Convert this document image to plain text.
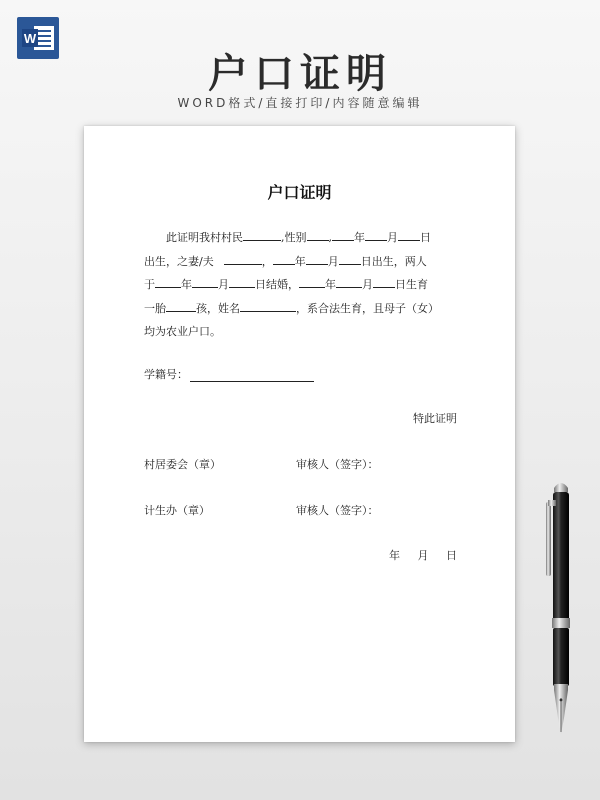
W
户口证明
WORD格式/直接打印/内容随意编辑
户口证明
此证明我村村民	,性别 , 年 月 日
出生，之妻/夫	， 年 月 日出生，两人
于 年 月 日结婚， 年 月 日生育
一胎	孩，姓名	，系合法生育，且母子（女）
均为农业户口。
学籍号：
特此证明
村居委会（章）	审核人（签字）：
计生办（章）	审核人（签字）：
年 月 日
